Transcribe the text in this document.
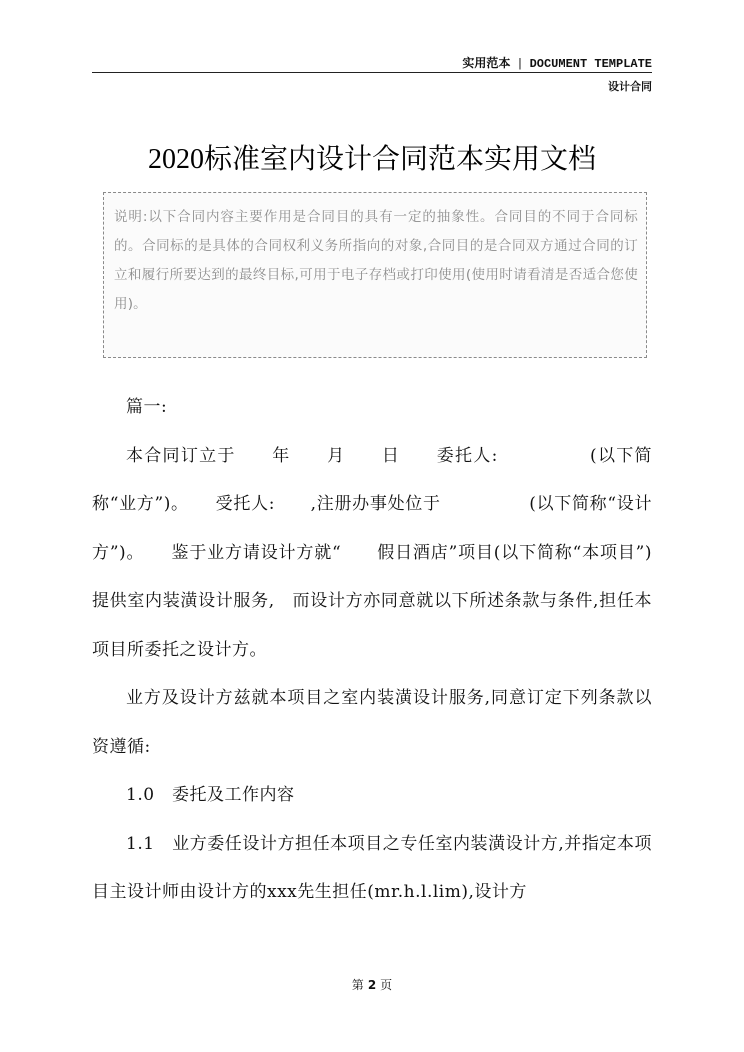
实用范本 | DOCUMENT TEMPLATE
设计合同
2020标准室内设计合同范本实用文档
说明:以下合同内容主要作用是合同目的具有一定的抽象性。合同目的不同于合同标的。合同标的是具体的合同权利义务所指向的对象,合同目的是合同双方通过合同的订立和履行所要达到的最终目标,可用于电子存档或打印使用(使用时请看清是否适合您使用)。

篇一:

本合同订立于　　年　　月　　日　　委托人:　　　　　(以下简称“业方”)。　　受托人:　　,注册办事处位于　　　　　(以下简称“设计方”)。　　鉴于业方请设计方就“　　假日酒店”项目(以下简称“本项目”)提供室内装潢设计服务,　而设计方亦同意就以下所述条款与条件,担任本项目所委托之设计方。

业方及设计方兹就本项目之室内装潢设计服务,同意订定下列条款以资遵循:

1.0　委托及工作内容

1.1　业方委任设计方担任本项目之专任室内装潢设计方,并指定本项目主设计师由设计方的xxx先生担任(mr.h.l.lim),设计方

第 2 页
